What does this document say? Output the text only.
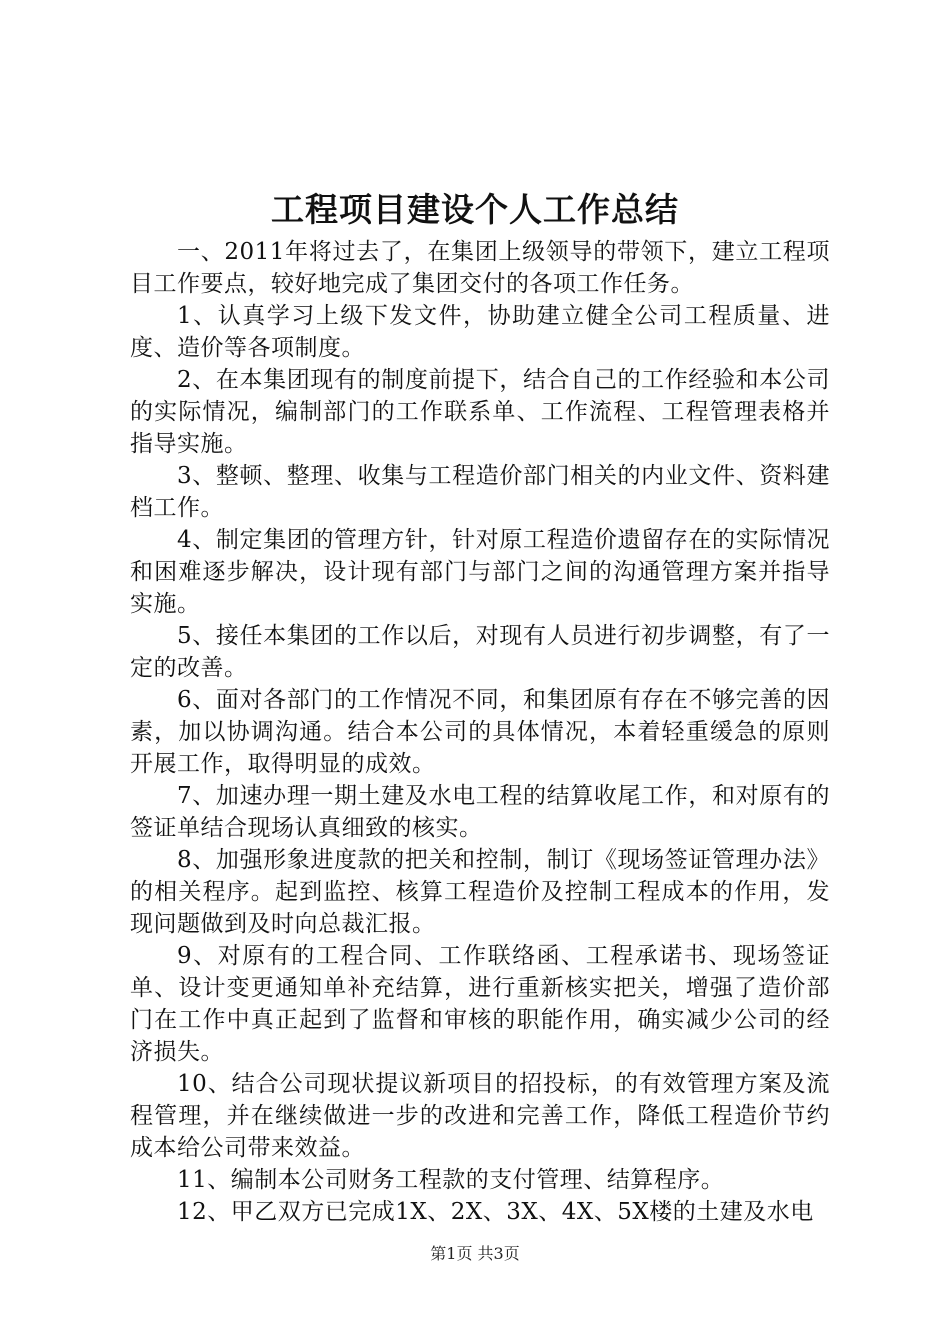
工程项目建设个人工作总结

一、2011年将过去了，在集团上级领导的带领下，建立工程项目工作要点，较好地完成了集团交付的各项工作任务。

1、认真学习上级下发文件，协助建立健全公司工程质量、进度、造价等各项制度。

2、在本集团现有的制度前提下，结合自己的工作经验和本公司的实际情况，编制部门的工作联系单、工作流程、工程管理表格并指导实施。

3、整顿、整理、收集与工程造价部门相关的内业文件、资料建档工作。

4、制定集团的管理方针，针对原工程造价遗留存在的实际情况和困难逐步解决，设计现有部门与部门之间的沟通管理方案并指导实施。

5、接任本集团的工作以后，对现有人员进行初步调整，有了一定的改善。

6、面对各部门的工作情况不同，和集团原有存在不够完善的因素，加以协调沟通。结合本公司的具体情况，本着轻重缓急的原则开展工作，取得明显的成效。

7、加速办理一期土建及水电工程的结算收尾工作，和对原有的签证单结合现场认真细致的核实。

8、加强形象进度款的把关和控制，制订《现场签证管理办法》的相关程序。起到监控、核算工程造价及控制工程成本的作用，发现问题做到及时向总裁汇报。

9、对原有的工程合同、工作联络函、工程承诺书、现场签证单、设计变更通知单补充结算，进行重新核实把关，增强了造价部门在工作中真正起到了监督和审核的职能作用，确实减少公司的经济损失。

10、结合公司现状提议新项目的招投标，的有效管理方案及流程管理，并在继续做进一步的改进和完善工作，降低工程造价节约成本给公司带来效益。

11、编制本公司财务工程款的支付管理、结算程序。

12、甲乙双方已完成1X、2X、3X、4X、5X楼的土建及水电

第1页 共3页
